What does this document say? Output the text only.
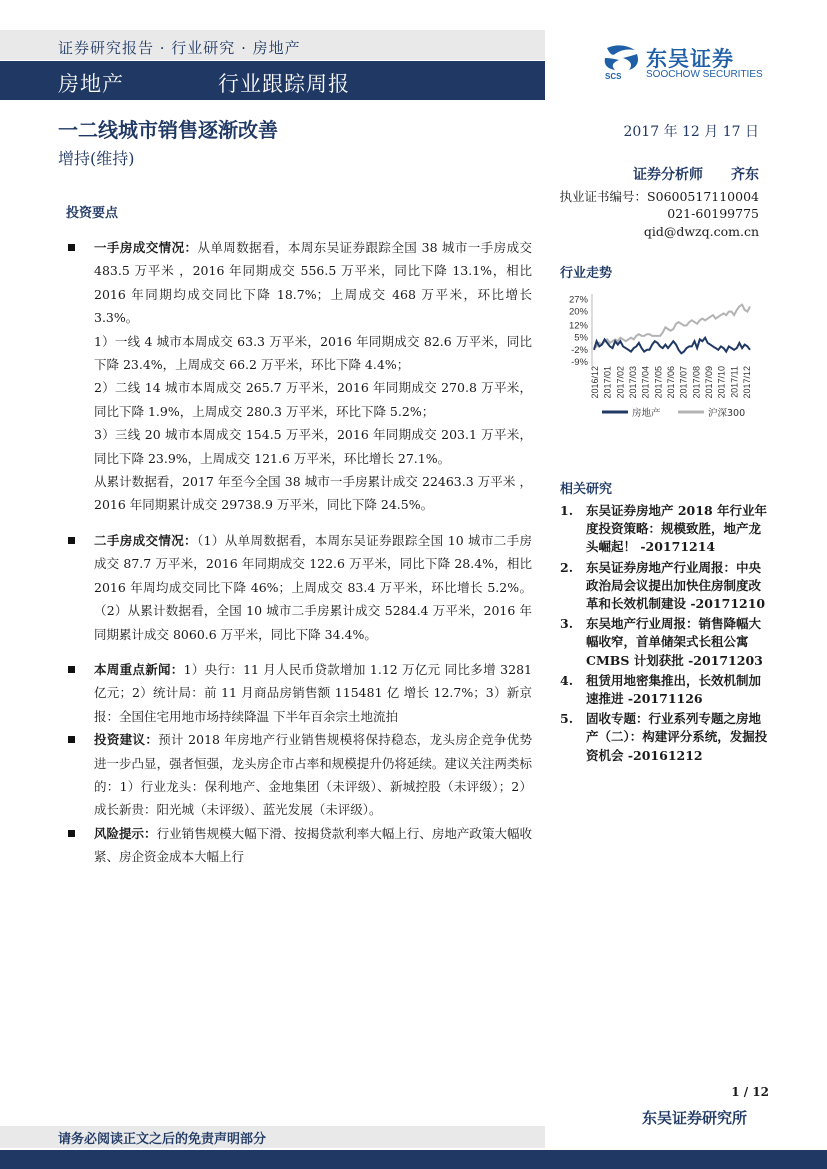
证券研究报告 · 行业研究 · 房地产
房地产	行业跟踪周报	SCS
东吴证券
SOOCHOW SECURITIES
一二线城市销售逐渐改善
增持(维持)
2017 年 12 月 17 日
证券分析师　　齐东
执业证书编号：S0600517110004
021-60199775
qid@dwzq.com.cn
投资要点
行业走势
相关研究

一手房成交情况：从单周数据看，本周东吴证券跟踪全国 38 城市一手房成交 483.5 万平米 ，2016 年同期成交 556.5 万平米，同比下降 13.1%，相比 2016 年同期均成交同比下降 18.7%；上周成交 468 万平米，环比增长 3.3%。

1）一线 4 城市本周成交 63.3 万平米，2016 年同期成交 82.6 万平米，同比下降 23.4%，上周成交 66.2 万平米，环比下降 4.4%；

2）二线 14 城市本周成交 265.7 万平米，2016 年同期成交 270.8 万平米，同比下降 1.9%，上周成交 280.3 万平米，环比下降 5.2%；

3）三线 20 城市本周成交 154.5 万平米，2016 年同期成交 203.1 万平米，同比下降 23.9%，上周成交 121.6 万平米，环比增长 27.1%。

从累计数据看，2017 年至今全国 38 城市一手房累计成交 22463.3 万平米 ，2016 年同期累计成交 29738.9 万平米，同比下降 24.5%。

二手房成交情况：（1）从单周数据看，本周东吴证券跟踪全国 10 城市二手房成交 87.7 万平米，2016 年同期成交 122.6 万平米，同比下降 28.4%，相比 2016 年周均成交同比下降 46%；上周成交 83.4 万平米，环比增长 5.2%。（2）从累计数据看，全国 10 城市二手房累计成交 5284.4 万平米，2016 年同期累计成交 8060.6 万平米，同比下降 34.4%。

本周重点新闻：1）央行：11 月人民币贷款增加 1.12 万亿元 同比多增 3281 亿元；2）统计局：前 11 月商品房销售额 115481 亿 增长 12.7%；3）新京报：全国住宅用地市场持续降温 下半年百余宗土地流拍

投资建议：预计 2018 年房地产行业销售规模将保持稳态，龙头房企竞争优势进一步凸显，强者恒强，龙头房企市占率和规模提升仍将延续。建议关注两类标的：1）行业龙头：保利地产、金地集团（未评级）、新城控股（未评级）；2）成长新贵：阳光城（未评级）、蓝光发展（未评级）。

风险提示：行业销售规模大幅下滑、按揭贷款利率大幅上行、房地产政策大幅收紧、房企资金成本大幅上行

27%
20%
12%
5%
-2%
-9%
2016/12 2017/01 2017/02 2017/03 2017/04 2017/05 2017/06 2017/07 2017/08 2017/09 2017/10 2017/11 2017/12
房地产	沪深300
1.	东吴证券房地产 2018 年行业年度投资策略：规模致胜，地产龙头崛起！ -20171214
2.	东吴证券房地产行业周报：中央政治局会议提出加快住房制度改革和长效机制建设 -20171210
3.	东吴地产行业周报：销售降幅大幅收窄，首单储架式长租公寓 CMBS 计划获批 -20171203
4.	租赁用地密集推出，长效机制加速推进 -20171126
5.	固收专题：行业系列专题之房地产（二）：构建评分系统，发掘投资机会 -20161212
1 / 12
东吴证券研究所
请务必阅读正文之后的免责声明部分
